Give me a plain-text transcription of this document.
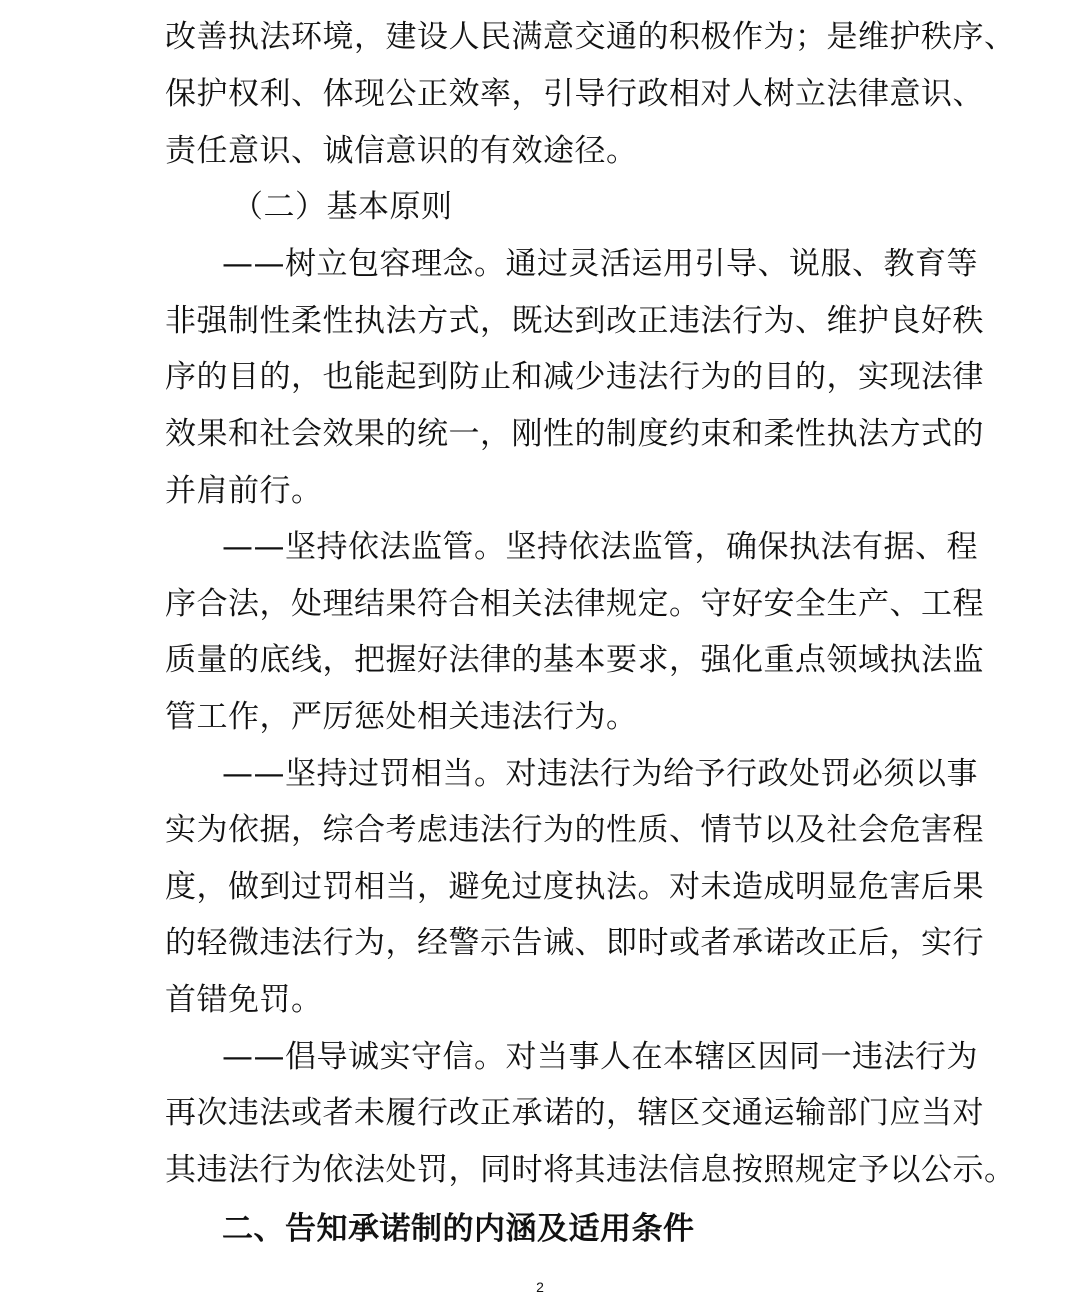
改善执法环境，建设人民满意交通的积极作为；是维护秩序、
保护权利、体现公正效率，引导行政相对人树立法律意识、
责任意识、诚信意识的有效途径。
（二）基本原则
——树立包容理念。通过灵活运用引导、说服、教育等
非强制性柔性执法方式，既达到改正违法行为、维护良好秩
序的目的，也能起到防止和减少违法行为的目的，实现法律
效果和社会效果的统一，刚性的制度约束和柔性执法方式的
并肩前行。
——坚持依法监管。坚持依法监管，确保执法有据、程
序合法，处理结果符合相关法律规定。守好安全生产、工程
质量的底线，把握好法律的基本要求，强化重点领域执法监
管工作，严厉惩处相关违法行为。
——坚持过罚相当。对违法行为给予行政处罚必须以事
实为依据，综合考虑违法行为的性质、情节以及社会危害程
度，做到过罚相当，避免过度执法。对未造成明显危害后果
的轻微违法行为，经警示告诫、即时或者承诺改正后，实行
首错免罚。
——倡导诚实守信。对当事人在本辖区因同一违法行为
再次违法或者未履行改正承诺的，辖区交通运输部门应当对
其违法行为依法处罚，同时将其违法信息按照规定予以公示。
二、告知承诺制的内涵及适用条件
2
